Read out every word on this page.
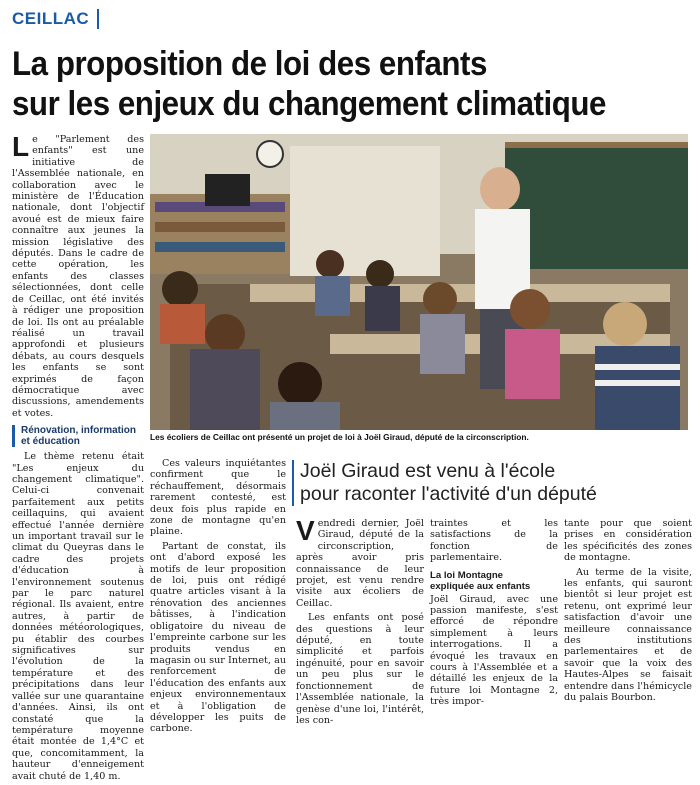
CEILLAC
La proposition de loi des enfants
sur les enjeux du changement climatique

Le "Parlement des enfants" est une initiative de l'Assemblée nationale, en collaboration avec le ministère de l'Éducation nationale, dont l'objectif avoué est de mieux faire connaître aux jeunes la mission législative des députés. Dans le cadre de cette opération, les enfants des classes sélectionnées, dont celle de Ceillac, ont été invités à rédiger une proposition de loi. Ils ont au préalable réalisé un travail approfondi et plusieurs débats, au cours desquels les enfants se sont exprimés de façon démocratique avec discussions, amendements et votes.

Rénovation, information
et éducation

Le thème retenu était "Les enjeux du changement climatique". Celui-ci convenait parfaitement aux petits ceillaquins, qui avaient effectué l'année dernière un important travail sur le climat du Queyras dans le cadre des projets d'éducation à l'environnement soutenus par le parc naturel régional. Ils avaient, entre autres, à partir de données météorologiques, pu établir des courbes significatives sur l'évolution de la température et des précipitations dans leur vallée sur une quarantaine d'années. Ainsi, ils ont constaté que la température moyenne était montée de 1,4°C et que, concomitamment, la hauteur d'enneigement avait chuté de 1,40 m.

Les écoliers de Ceillac ont présenté un projet de loi à Joël Giraud, député de la circonscription.

Ces valeurs inquiétantes confirment que le réchauffement, désormais rarement contesté, est deux fois plus rapide en zone de montagne qu'en plaine.

Partant de constat, ils ont d'abord exposé les motifs de leur proposition de loi, puis ont rédigé quatre articles visant à la rénovation des anciennes bâtisses, à l'indication obligatoire du niveau de l'empreinte carbone sur les produits vendus en magasin ou sur Internet, au renforcement de l'éducation des enfants aux enjeux environnementaux et à l'obligation de développer les puits de carbone.

Joël Giraud est venu à l'école
pour raconter l'activité d'un député

Vendredi dernier, Joël Giraud, député de la circonscription, après avoir pris connaissance de leur projet, est venu rendre visite aux écoliers de Ceillac.

Les enfants ont posé des questions à leur député, en toute simplicité et parfois ingénuité, pour en savoir un peu plus sur le fonctionnement de l'Assemblée nationale, la genèse d'une loi, l'intérêt, les con-

traintes et les satisfactions de la fonction de parlementaire.

La loi Montagne
expliquée aux enfants

Joël Giraud, avec une passion manifeste, s'est efforcé de répondre simplement à leurs interrogations. Il a évoqué les travaux en cours à l'Assemblée et a détaillé les enjeux de la future loi Montagne 2, très impor-

tante pour que soient prises en considération les spécificités des zones de montagne.

Au terme de la visite, les enfants, qui sauront bientôt si leur projet est retenu, ont exprimé leur satisfaction d'avoir une meilleure connaissance des institutions parlementaires et de savoir que la voix des Hautes-Alpes se faisait entendre dans l'hémicycle du palais Bourbon.
